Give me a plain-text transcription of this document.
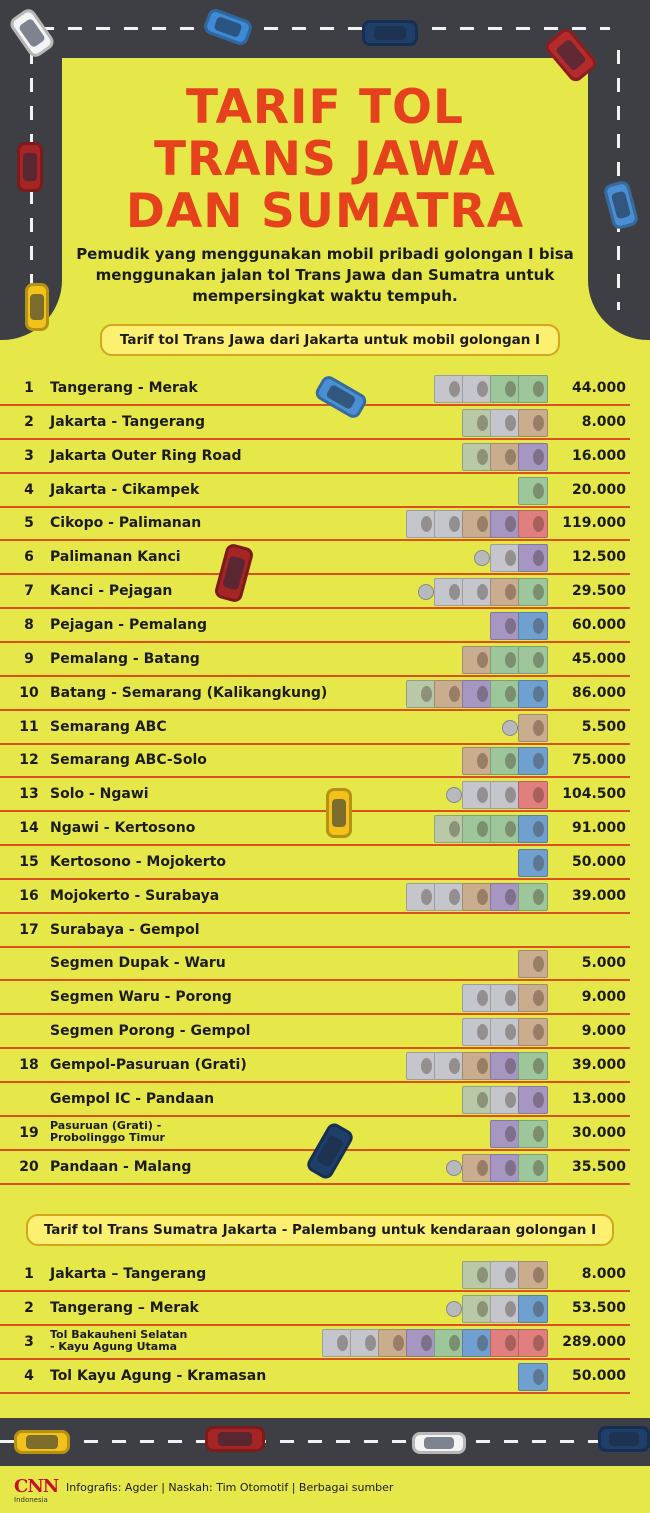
TARIF TOL
TRANS JAWA
DAN SUMATRA
Pemudik yang menggunakan mobil pribadi golongan I bisa menggunakan jalan tol Trans Jawa dan Sumatra untuk mempersingkat waktu tempuh.
Tarif tol Trans Jawa dari Jakarta untuk mobil golongan I
1	Tangerang - Merak	44.000
2	Jakarta - Tangerang	8.000
3	Jakarta Outer Ring Road	16.000
4	Jakarta - Cikampek	20.000
5	Cikopo - Palimanan	119.000
6	Palimanan Kanci	12.500
7	Kanci - Pejagan	29.500
8	Pejagan - Pemalang	60.000
9	Pemalang - Batang	45.000
10 Batang - Semarang (Kalikangkung)	86.000
11 Semarang ABC	5.500
12 Semarang ABC-Solo	75.000
13 Solo - Ngawi	104.500
14 Ngawi - Kertosono	91.000
15 Kertosono - Mojokerto	50.000
16 Mojokerto - Surabaya	39.000
17 Surabaya - Gempol
Segmen Dupak - Waru	5.000
Segmen Waru - Porong	9.000
Segmen Porong - Gempol	9.000
18 Gempol-Pasuruan (Grati)	39.000
Gempol IC - Pandaan	13.000
19	Pasuruan (Grati) -
Probolinggo Timur	30.000
20 Pandaan - Malang	35.500
Tarif tol Trans Sumatra Jakarta - Palembang untuk kendaraan golongan I
1	Jakarta – Tangerang	8.000
2	Tangerang – Merak	53.500
3	Tol Bakauheni Selatan
- Kayu Agung Utama	289.000
4	Tol Kayu Agung - Kramasan	50.000
CNN
Indonesia
Infografis: Agder | Naskah: Tim Otomotif | Berbagai sumber
